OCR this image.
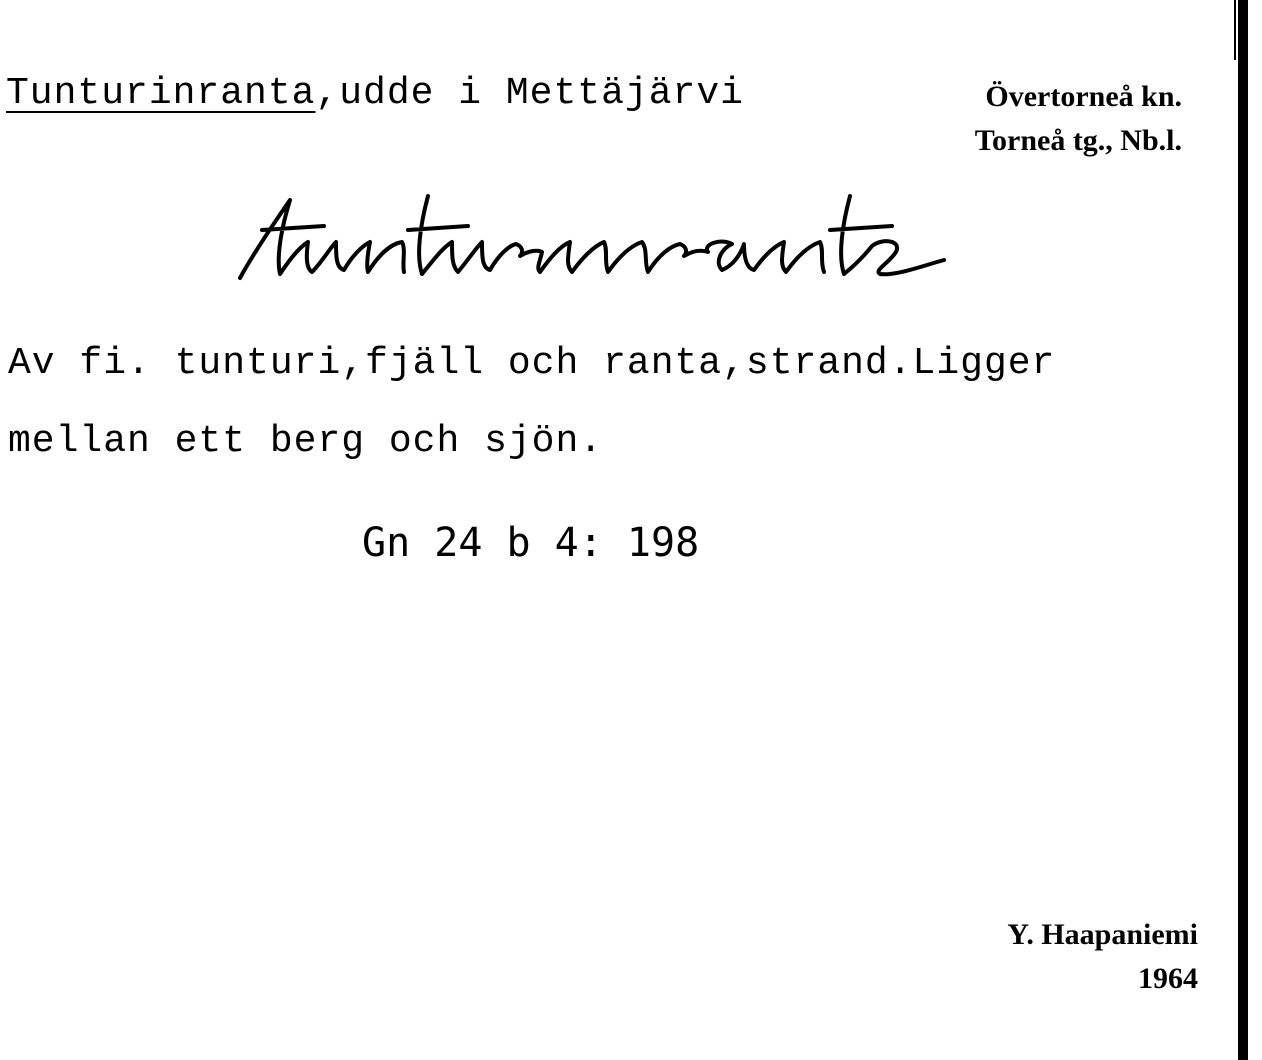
Tunturinranta,udde i Mettäjärvi	Övertorneå kn.
Torneå tg., Nb.l.
Av fi. tunturi,fjäll och ranta,strand.Ligger
mellan ett berg och sjön.
Gn 24 b 4: 198
Y. Haapaniemi
1964
